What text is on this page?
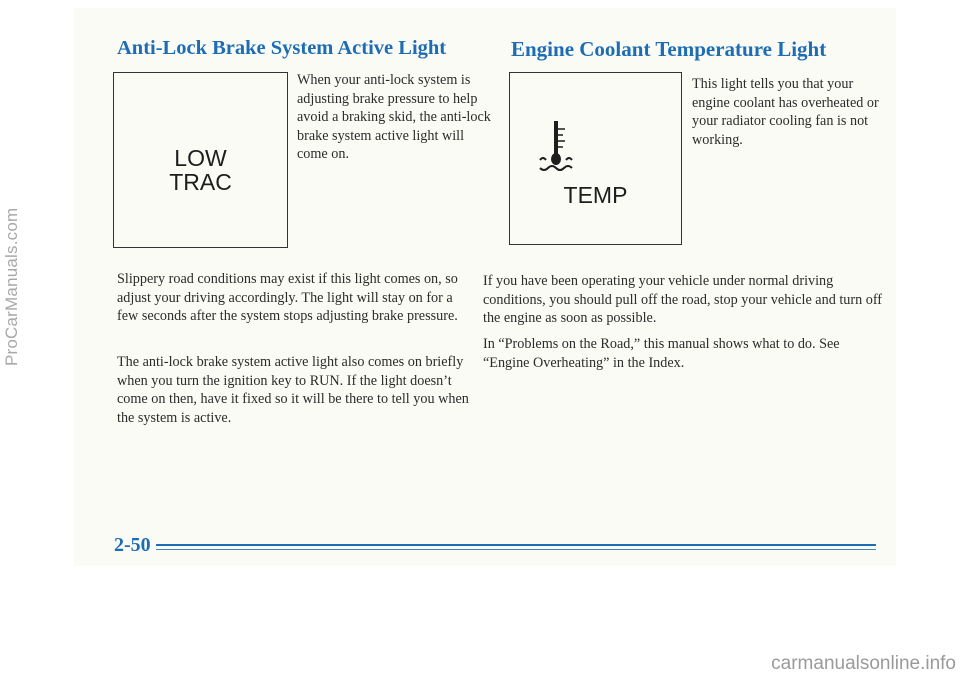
ProCarManuals.com
Anti-Lock Brake System Active Light
LOW
TRAC

When your anti-lock system is adjusting brake pressure to help avoid a braking skid, the anti-lock brake system active light will come on.

Slippery road conditions may exist if this light comes on, so adjust your driving accordingly. The light will stay on for a few seconds after the system stops adjusting brake pressure.

The anti-lock brake system active light also comes on briefly when you turn the ignition key to RUN. If the light doesn’t come on then, have it fixed so it will be there to tell you when the system is active.

Engine Coolant Temperature Light
TEMP

This light tells you that your engine coolant has overheated or your radiator cooling fan is not working.

If you have been operating your vehicle under normal driving conditions, you should pull off the road, stop your vehicle and turn off the engine as soon as possible.

In “Problems on the Road,” this manual shows what to do. See “Engine Overheating” in the Index.

2-50

carmanualsonline.info
